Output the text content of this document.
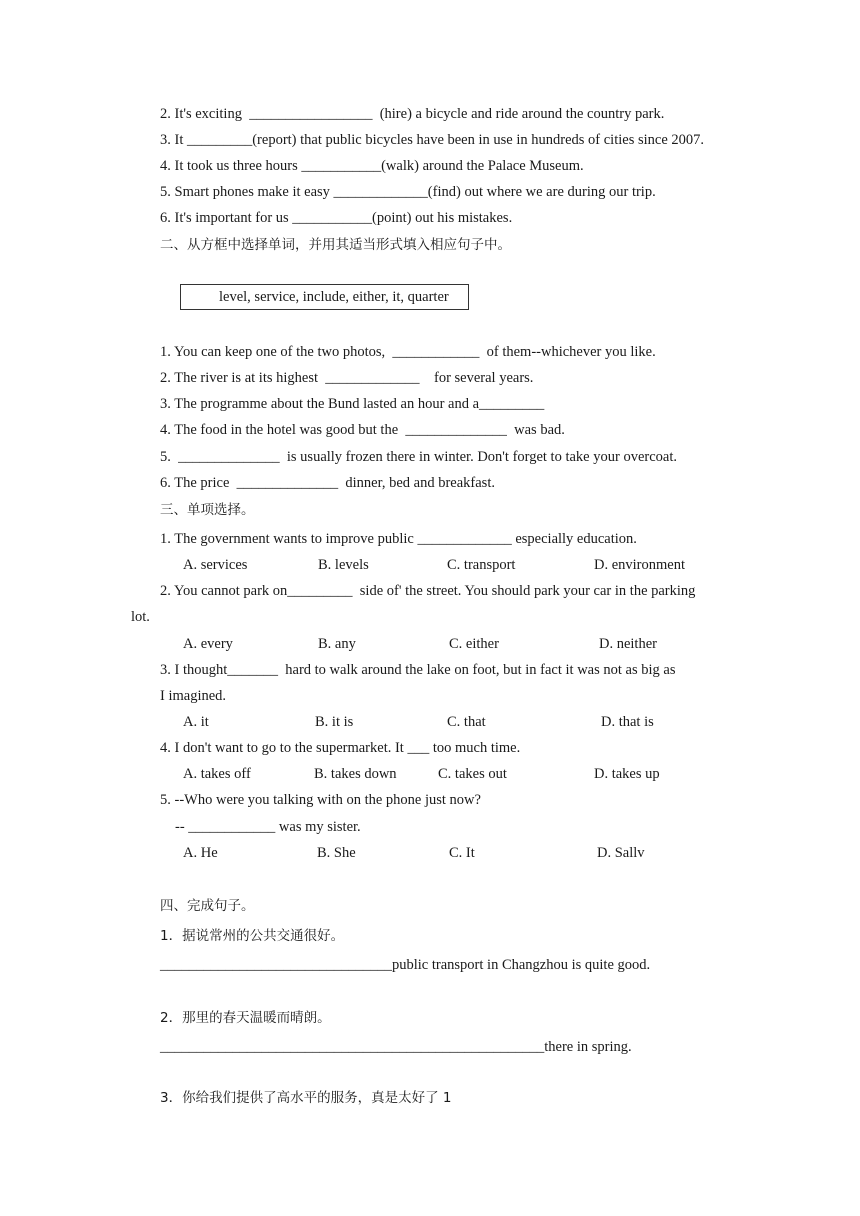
2. It's exciting  _________________  (hire) a bicycle and ride around the country park.
3. It _________(report) that public bicycles have been in use in hundreds of cities since 2007.
4. It took us three hours ___________(walk) around the Palace Museum.
5. Smart phones make it easy _____________(find) out where we are during our trip.
6. It's important for us ___________(point) out his mistakes.
二、从方框中选择单词，并用其适当形式填入相应句子中。
level, service, include, either, it, quarter
1. You can keep one of the two photos,  ____________  of them--whichever you like.
2. The river is at its highest  _____________    for several years.
3. The programme about the Bund lasted an hour and a_________
4. The food in the hotel was good but the  ______________  was bad.
5.  ______________  is usually frozen there in winter. Don't forget to take your overcoat.
6. The price  ______________  dinner, bed and breakfast.
三、单项选择。
1. The government wants to improve public _____________ especially education.
A. services	B. levels	C. transport	D. environment
2. You cannot park on_________  side of' the street. You should park your car in the parking
lot.
A. every	B. any	C. either	D. neither
3. I thought_______  hard to walk around the lake on foot, but in fact it was not as big as
I imagined.
A. it	B. it is	C. that	D. that is
4. I don't want to go to the supermarket. It ___ too much time.
A. takes off	B. takes down	C. takes out	D. takes up
5. --Who were you talking with on the phone just now?
-- ____________ was my sister.
A. He	B. She	C. It	D. Sallv
四、完成句子。
1．据说常州的公共交通很好。
________________________________public transport in Changzhou is quite good.
2．那里的春天温暖而晴朗。
_____________________________________________________there in spring.
3．你给我们提供了高水平的服务，真是太好了 1
